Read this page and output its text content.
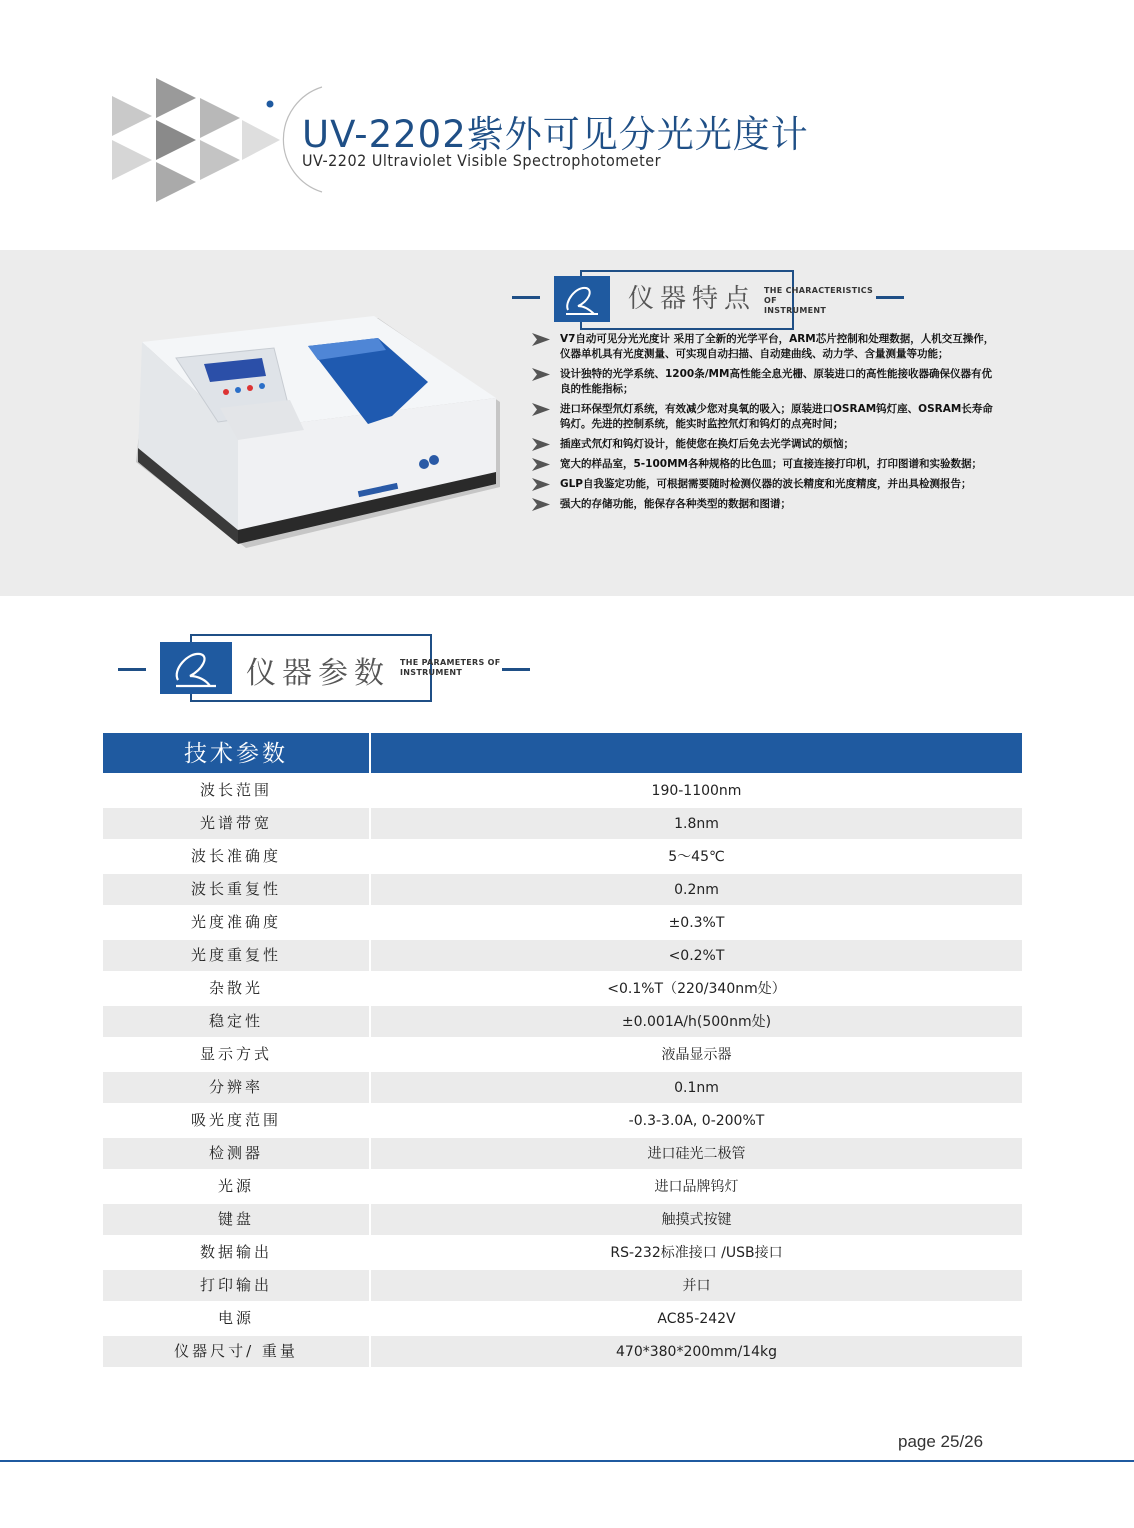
UV-2202紫外可见分光光度计
UV-2202 Ultraviolet Visible Spectrophotometer
仪器特点 THE CHARACTERISTICS OF
INSTRUMENT
V7自动可见分光光度计 采用了全新的光学平台，ARM芯片控制和处理数据，人机交互操作，仪器单机具有光度测量、可实现自动扫描、自动建曲线、动力学、含量测量等功能；
设计独特的光学系统、1200条/MM高性能全息光栅、原装进口的高性能接收器确保仪器有优良的性能指标；
进口环保型氘灯系统，有效减少您对臭氧的吸入；原装进口OSRAM钨灯座、OSRAM长寿命钨灯。先进的控制系统，能实时监控氘灯和钨灯的点亮时间；
插座式氘灯和钨灯设计，能使您在换灯后免去光学调试的烦恼；
宽大的样品室，5-100MM各种规格的比色皿；可直接连接打印机，打印图谱和实验数据；
GLP自我鉴定功能，可根据需要随时检测仪器的波长精度和光度精度，并出具检测报告；
强大的存储功能，能保存各种类型的数据和图谱；
仪器参数 THE PARAMETERS OF
INSTRUMENT
技术参数
波长范围	190-1100nm
光谱带宽	1.8nm
波长准确度	5～45℃
波长重复性	0.2nm
光度准确度	±0.3%T
光度重复性	<0.2%T
杂散光	<0.1%T（220/340nm处）
稳定性	±0.001A/h(500nm处)
显示方式	液晶显示器
分辨率	0.1nm
吸光度范围	-0.3-3.0A, 0-200%T
检测器	进口硅光二极管
光源	进口品牌钨灯
键盘	触摸式按键
数据输出	RS-232标准接口 /USB接口
打印输出	并口
电源	AC85-242V
仪器尺寸/ 重量	470*380*200mm/14kg
page 25/26
